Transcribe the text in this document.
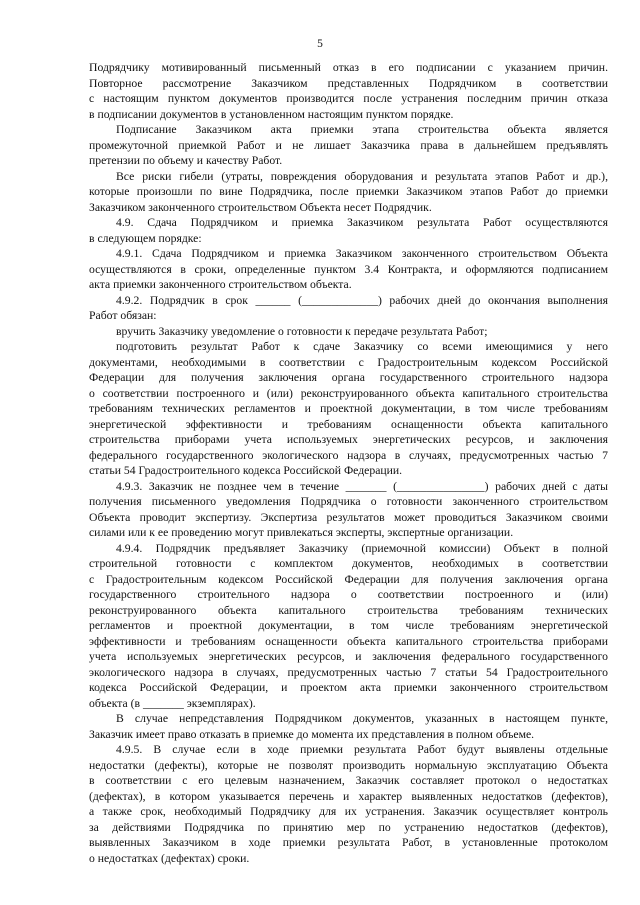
5
Подрядчику мотивированный письменный отказ в его подписании с указанием причин.
Повторное рассмотрение Заказчиком представленных Подрядчиком в соответствии
с настоящим пунктом документов производится после устранения последним причин отказа
в подписании документов в установленном настоящим пунктом порядке.
Подписание Заказчиком акта приемки этапа строительства объекта является
промежуточной приемкой Работ и не лишает Заказчика права в дальнейшем предъявлять
претензии по объему и качеству Работ.
Все риски гибели (утраты, повреждения оборудования и результата этапов Работ и др.),
которые произошли по вине Подрядчика, после приемки Заказчиком этапов Работ до приемки
Заказчиком законченного строительством Объекта несет Подрядчик.
4.9. Сдача Подрядчиком и приемка Заказчиком результата Работ осуществляются
в следующем порядке:
4.9.1. Сдача Подрядчиком и приемка Заказчиком законченного строительством Объекта
осуществляются в сроки, определенные пунктом 3.4 Контракта, и оформляются подписанием
акта приемки законченного строительством объекта.
4.9.2. Подрядчик в срок ______ (_____________) рабочих дней до окончания выполнения
Работ обязан:
вручить Заказчику уведомление о готовности к передаче результата Работ;
подготовить результат Работ к сдаче Заказчику со всеми имеющимися у него
документами, необходимыми в соответствии с Градостроительным кодексом Российской
Федерации для получения заключения органа государственного строительного надзора
о соответствии построенного и (или) реконструированного объекта капитального строительства
требованиям технических регламентов и проектной документации, в том числе требованиям
энергетической эффективности и требованиям оснащенности объекта капитального
строительства приборами учета используемых энергетических ресурсов, и заключения
федерального государственного экологического надзора в случаях, предусмотренных частью 7
статьи 54 Градостроительного кодекса Российской Федерации.
4.9.3. Заказчик не позднее чем в течение _______ (_______________) рабочих дней с даты
получения письменного уведомления Подрядчика о готовности законченного строительством
Объекта проводит экспертизу. Экспертиза результатов может проводиться Заказчиком своими
силами или к ее проведению могут привлекаться эксперты, экспертные организации.
4.9.4. Подрядчик предъявляет Заказчику (приемочной комиссии) Объект в полной
строительной готовности с комплектом документов, необходимых в соответствии
с Градостроительным кодексом Российской Федерации для получения заключения органа
государственного строительного надзора о соответствии построенного и (или)
реконструированного объекта капитального строительства требованиям технических
регламентов и проектной документации, в том числе требованиям энергетической
эффективности и требованиям оснащенности объекта капитального строительства приборами
учета используемых энергетических ресурсов, и заключения федерального государственного
экологического надзора в случаях, предусмотренных частью 7 статьи 54 Градостроительного
кодекса Российской Федерации, и проектом акта приемки законченного строительством
объекта (в _______ экземплярах).
В случае непредставления Подрядчиком документов, указанных в настоящем пункте,
Заказчик имеет право отказать в приемке до момента их представления в полном объеме.
4.9.5. В случае если в ходе приемки результата Работ будут выявлены отдельные
недостатки (дефекты), которые не позволят производить нормальную эксплуатацию Объекта
в соответствии с его целевым назначением, Заказчик составляет протокол о недостатках
(дефектах), в котором указывается перечень и характер выявленных недостатков (дефектов),
а также срок, необходимый Подрядчику для их устранения. Заказчик осуществляет контроль
за действиями Подрядчика по принятию мер по устранению недостатков (дефектов),
выявленных Заказчиком в ходе приемки результата Работ, в установленные протоколом
о недостатках (дефектах) сроки.
